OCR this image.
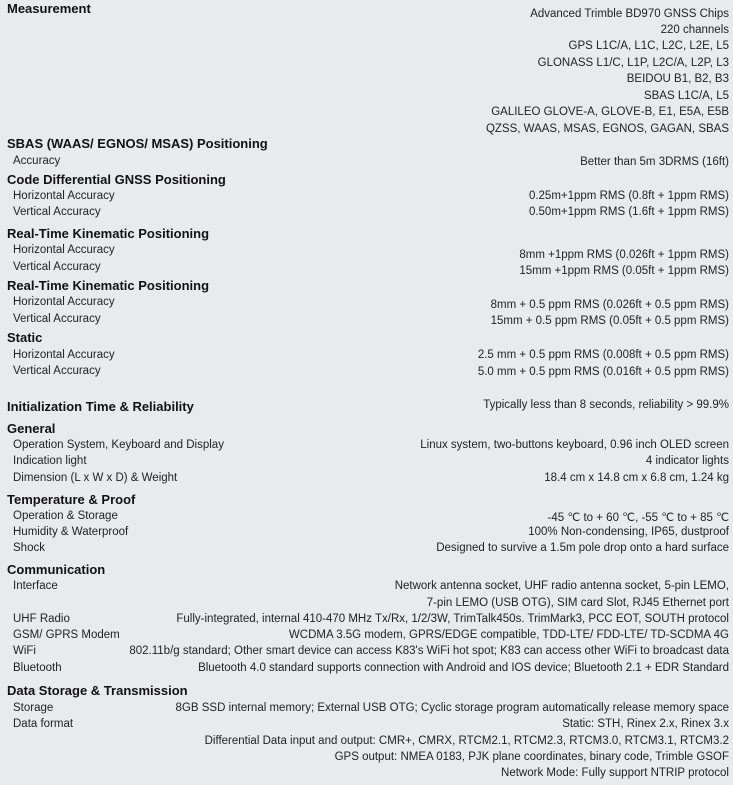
Measurement	Advanced Trimble BD970 GNSS Chips
220 channels
GPS L1C/A, L1C, L2C, L2E, L5
GLONASS L1/C, L1P, L2C/A, L2P, L3
BEIDOU B1, B2, B3
SBAS L1C/A, L5
GALILEO GLOVE-A, GLOVE-B, E1, E5A, E5B
QZSS, WAAS, MSAS, EGNOS, GAGAN, SBAS
SBAS (WAAS/ EGNOS/ MSAS) Positioning
Accuracy	Better than 5m 3DRMS (16ft)
Code Differential GNSS Positioning
Horizontal Accuracy	0.25m+1ppm RMS (0.8ft + 1ppm RMS)
Vertical Accuracy	0.50m+1ppm RMS (1.6ft + 1ppm RMS)
Real-Time Kinematic Positioning
Horizontal Accuracy	8mm +1ppm RMS (0.026ft + 1ppm RMS)
Vertical Accuracy	15mm +1ppm RMS (0.05ft + 1ppm RMS)
Real-Time Kinematic Positioning
Horizontal Accuracy	8mm + 0.5 ppm RMS (0.026ft + 0.5 ppm RMS)
Vertical Accuracy	15mm + 0.5 ppm RMS (0.05ft + 0.5 ppm RMS)
Static
Horizontal Accuracy	2.5 mm + 0.5 ppm RMS (0.008ft + 0.5 ppm RMS)
Vertical Accuracy	5.0 mm + 0.5 ppm RMS (0.016ft + 0.5 ppm RMS)
Initialization Time & Reliability	Typically less than 8 seconds, reliability > 99.9%
General
Operation System, Keyboard and Display	Linux system, two-buttons keyboard, 0.96 inch OLED screen
Indication light	4 indicator lights
Dimension (L x W x D) & Weight	18.4 cm x 14.8 cm x 6.8 cm, 1.24 kg
Temperature & Proof
Operation & Storage	-45 ℃ to + 60 ℃, -55 ℃ to + 85 ℃
Humidity & Waterproof	100% Non-condensing, IP65, dustproof
Shock	Designed to survive a 1.5m pole drop onto a hard surface
Communication
Interface	Network antenna socket, UHF radio antenna socket, 5-pin LEMO,
7-pin LEMO (USB OTG), SIM card Slot, RJ45 Ethernet port
UHF Radio	Fully-integrated, internal 410-470 MHz Tx/Rx, 1/2/3W, TrimTalk450s. TrimMark3, PCC EOT, SOUTH protocol
GSM/ GPRS Modem	WCDMA 3.5G modem, GPRS/EDGE compatible, TDD-LTE/ FDD-LTE/ TD-SCDMA 4G
WiFi	802.11b/g standard; Other smart device can access K83's WiFi hot spot; K83 can access other WiFi to broadcast data
Bluetooth	Bluetooth 4.0 standard supports connection with Android and IOS device; Bluetooth 2.1 + EDR Standard
Data Storage & Transmission
Storage	8GB SSD internal memory; External USB OTG; Cyclic storage program automatically release memory space
Data format	Static: STH, Rinex 2.x, Rinex 3.x
Differential Data input and output: CMR+, CMRX, RTCM2.1, RTCM2.3, RTCM3.0, RTCM3.1, RTCM3.2
GPS output: NMEA 0183, PJK plane coordinates, binary code, Trimble GSOF
Network Mode: Fully support NTRIP protocol
